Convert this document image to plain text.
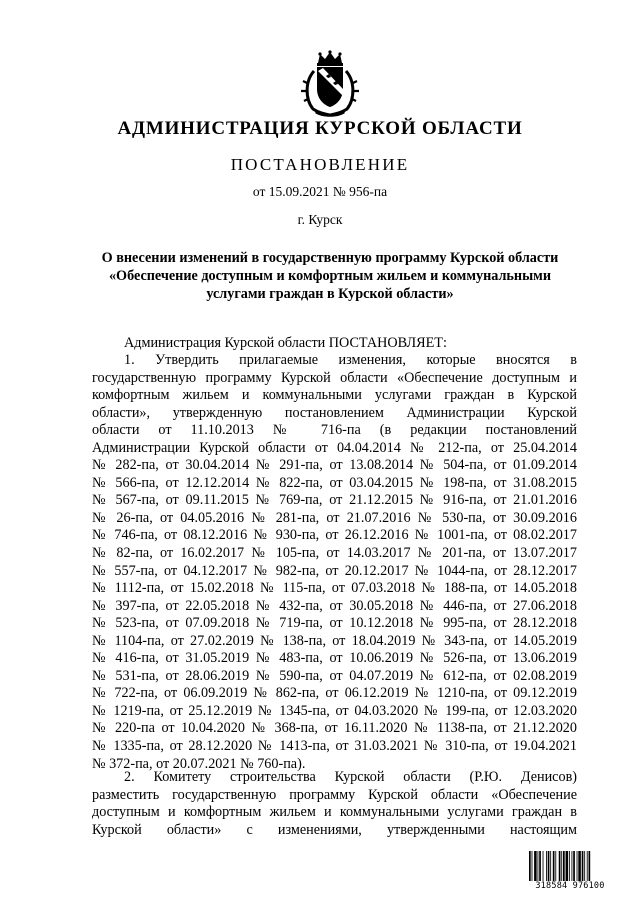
АДМИНИСТРАЦИЯ КУРСКОЙ ОБЛАСТИ
ПОСТАНОВЛЕНИЕ
от 15.09.2021 № 956-па
г. Курск
О внесении изменений в государственную программу Курской области
«Обеспечение доступным и комфортным жильем и коммунальными
услугами граждан в Курской области»
Администрация Курской области ПОСТАНОВЛЯЕТ:
1. Утвердить прилагаемые изменения, которые вносятся в
государственную программу Курской области «Обеспечение доступным и
комфортным жильем и коммунальными услугами граждан в Курской
области», утвержденную постановлением Администрации Курской
области от 11.10.2013 № 716-па (в редакции постановлений
Администрации Курской области от 04.04.2014 № 212-па, от 25.04.2014
№ 282-па, от 30.04.2014 № 291-па, от 13.08.2014 № 504-па, от 01.09.2014
№ 566-па, от 12.12.2014 № 822-па, от 03.04.2015 № 198-па, от 31.08.2015
№ 567-па, от 09.11.2015 № 769-па, от 21.12.2015 № 916-па, от 21.01.2016
№ 26-па, от 04.05.2016 № 281-па, от 21.07.2016 № 530-па, от 30.09.2016
№ 746-па, от 08.12.2016 № 930-па, от 26.12.2016 № 1001-па, от 08.02.2017
№ 82-па, от 16.02.2017 № 105-па, от 14.03.2017 № 201-па, от 13.07.2017
№ 557-па, от 04.12.2017 № 982-па, от 20.12.2017 № 1044-па, от 28.12.2017
№ 1112-па, от 15.02.2018 № 115-па, от 07.03.2018 № 188-па, от 14.05.2018
№ 397-па, от 22.05.2018 № 432-па, от 30.05.2018 № 446-па, от 27.06.2018
№ 523-па, от 07.09.2018 № 719-па, от 10.12.2018 № 995-па, от 28.12.2018
№ 1104-па, от 27.02.2019 № 138-па, от 18.04.2019 № 343-па, от 14.05.2019
№ 416-па, от 31.05.2019 № 483-па, от 10.06.2019 № 526-па, от 13.06.2019
№ 531-па, от 28.06.2019 № 590-па, от 04.07.2019 № 612-па, от 02.08.2019
№ 722-па, от 06.09.2019 № 862-па, от 06.12.2019 № 1210-па, от 09.12.2019
№ 1219-па, от 25.12.2019 № 1345-па, от 04.03.2020 № 199-па, от 12.03.2020
№ 220-па от 10.04.2020 № 368-па, от 16.11.2020 № 1138-па, от 21.12.2020
№ 1335-па, от 28.12.2020 № 1413-па, от 31.03.2021 № 310-па, от 19.04.2021
№ 372-па, от 20.07.2021 № 760-па).
2. Комитету строительства Курской области (Р.Ю. Денисов)
разместить государственную программу Курской области «Обеспечение
доступным и комфортным жильем и коммунальными услугами граждан в
Курской области» с изменениями, утвержденными настоящим
318584 976100
